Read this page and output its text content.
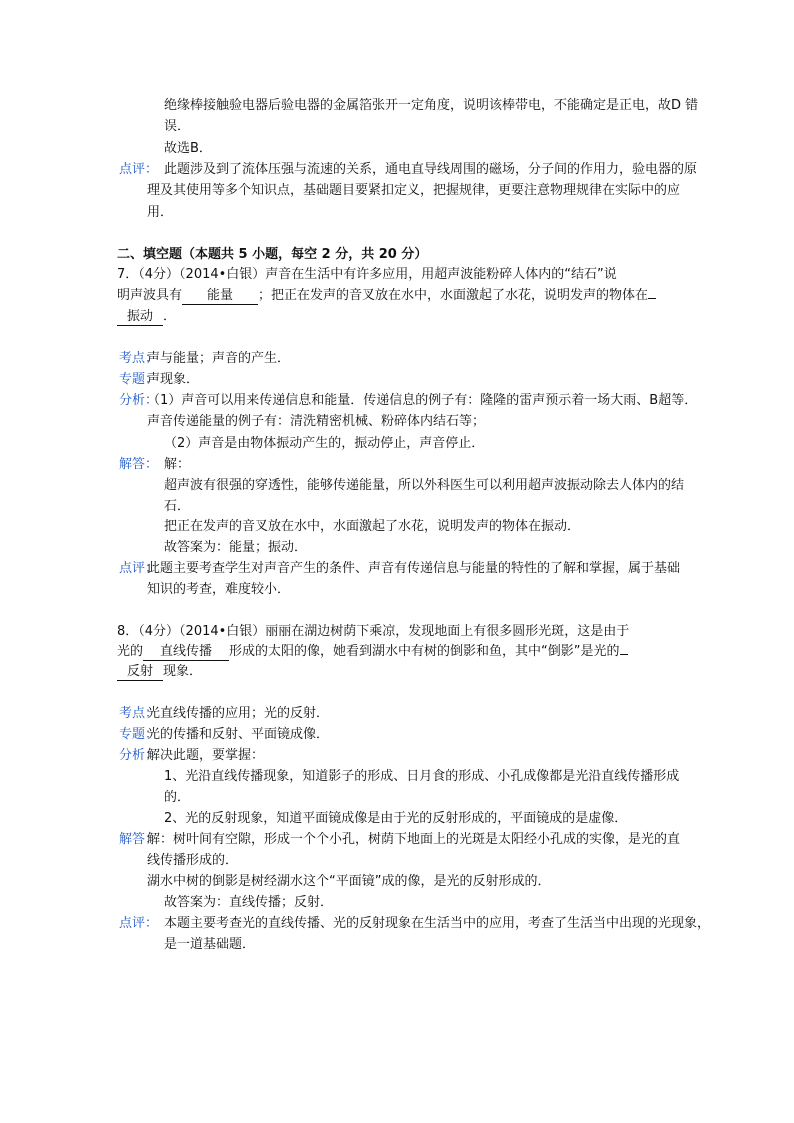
绝缘棒接触验电器后验电器的金属箔张开一定角度，说明该棒带电，不能确定是正电，故D 错
误．
故选B．
点评： 此题涉及到了流体压强与流速的关系，通电直导线周围的磁场，分子间的作用力，验电器的原
理及其使用等多个知识点，基础题目要紧扣定义，把握规律，更要注意物理规律在实际中的应
用．
二、填空题（本题共 5 小题，每空 2 分，共 20 分）
7．（4分）（2014•白银）声音在生活中有许多应用，用超声波能粉碎人体内的“结石”说
明声波具有 能量 ；把正在发声的音叉放在水中，水面激起了水花，说明发声的物体在
振动 ．
考点：
声与能量；声音的产生．
专题：
声现象．
分析：
（1）声音可以用来传递信息和能量．传递信息的例子有：隆隆的雷声预示着一场大雨、B超等．
声音传递能量的例子有：清洗精密机械、粉碎体内结石等；
（2）声音是由物体振动产生的，振动停止，声音停止．
解答： 解：
超声波有很强的穿透性，能够传递能量，所以外科医生可以利用超声波振动除去人体内的结
石．
把正在发声的音叉放在水中，水面激起了水花，说明发声的物体在振动．
故答案为：能量；振动．
点评：
此题主要考查学生对声音产生的条件、声音有传递信息与能量的特性的了解和掌握，属于基础
知识的考查，难度较小．
8．（4分）（2014•白银）丽丽在湖边树荫下乘凉，发现地面上有很多圆形光斑，这是由于
光的 直线传播 形成的太阳的像，她看到湖水中有树的倒影和鱼，其中“倒影”是光的
反射 现象．
考点：
光直线传播的应用；光的反射．
专题：
光的传播和反射、平面镜成像．
分析：
解决此题，要掌握：
1、光沿直线传播现象，知道影子的形成、日月食的形成、小孔成像都是光沿直线传播形成
的．
2、光的反射现象，知道平面镜成像是由于光的反射形成的，平面镜成的是虚像．
解答：
解：树叶间有空隙，形成一个个小孔，树荫下地面上的光斑是太阳经小孔成的实像，是光的直
线传播形成的．
湖水中树的倒影是树经湖水这个“平面镜”成的像，是光的反射形成的．
故答案为：直线传播；反射．
点评： 本题主要考查光的直线传播、光的反射现象在生活当中的应用，考查了生活当中出现的光现象，
是一道基础题．
